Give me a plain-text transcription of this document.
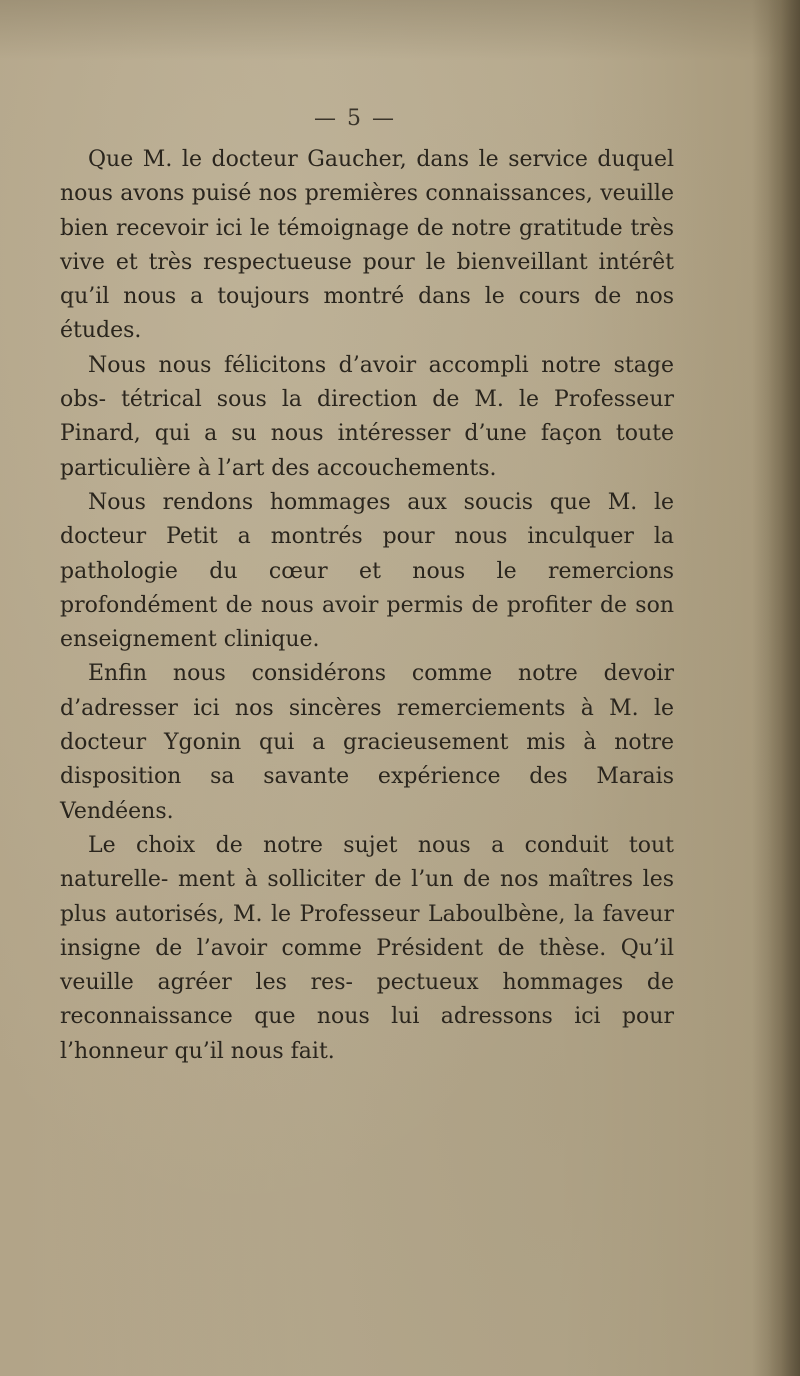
— 5 —

Que M. le docteur Gaucher, dans le service duquel nous avons puisé nos premières connaissances, veuille bien recevoir ici le témoignage de notre gratitude très vive et très respectueuse pour le bienveillant intérêt qu’il nous a toujours montré dans le cours de nos études.

Nous nous félicitons d’avoir accompli notre stage obs- tétrical sous la direction de M. le Professeur Pinard, qui a su nous intéresser d’une façon toute particulière à l’art des accouchements.

Nous rendons hommages aux soucis que M. le docteur Petit a montrés pour nous inculquer la pathologie du cœur et nous le remercions profondément de nous avoir permis de profiter de son enseignement clinique.

Enfin nous considérons comme notre devoir d’adresser ici nos sincères remerciements à M. le docteur Ygonin qui a gracieusement mis à notre disposition sa savante expérience des Marais Vendéens.

Le choix de notre sujet nous a conduit tout naturelle- ment à solliciter de l’un de nos maîtres les plus autorisés, M. le Professeur Laboulbène, la faveur insigne de l’avoir comme Président de thèse. Qu’il veuille agréer les res- pectueux hommages de reconnaissance que nous lui adressons ici pour l’honneur qu’il nous fait.
